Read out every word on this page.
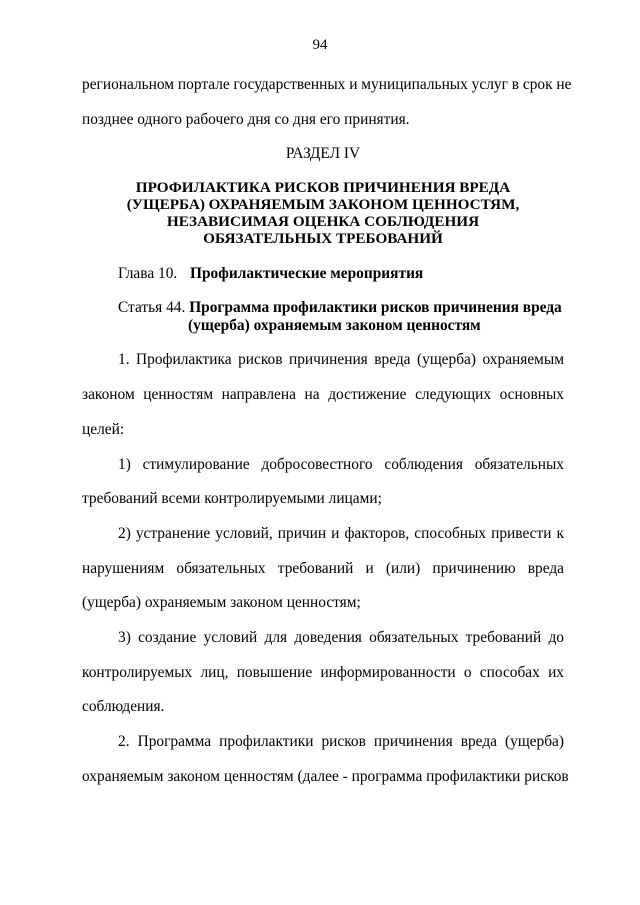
94
региональном портале государственных и муниципальных услуг в срок не
позднее одного рабочего дня со дня его принятия.
РАЗДЕЛ IV
ПРОФИЛАКТИКА РИСКОВ ПРИЧИНЕНИЯ ВРЕДА
(УЩЕРБА) ОХРАНЯЕМЫМ ЗАКОНОМ ЦЕННОСТЯМ,
НЕЗАВИСИМАЯ ОЦЕНКА СОБЛЮДЕНИЯ
ОБЯЗАТЕЛЬНЫХ ТРЕБОВАНИЙ
Глава 10. Профилактические мероприятия
Статья 44. Программа профилактики рисков причинения вреда
(ущерба) охраняемым законом ценностям
1. Профилактика рисков причинения вреда (ущерба) охраняемым
законом ценностям направлена на достижение следующих основных
целей:
1) стимулирование добросовестного соблюдения обязательных
требований всеми контролируемыми лицами;
2) устранение условий, причин и факторов, способных привести к
нарушениям обязательных требований и (или) причинению вреда
(ущерба) охраняемым законом ценностям;
3) создание условий для доведения обязательных требований до
контролируемых лиц, повышение информированности о способах их
соблюдения.
2. Программа профилактики рисков причинения вреда (ущерба)
охраняемым законом ценностям (далее - программа профилактики рисков
